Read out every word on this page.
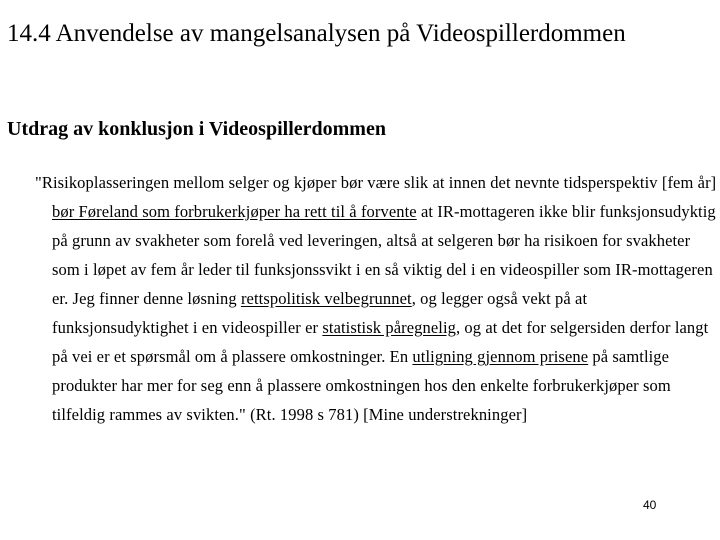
14.4 Anvendelse av mangelsanalysen på Videospillerdommen
Utdrag av konklusjon i Videospillerdommen

"Risikoplasseringen mellom selger og kjøper bør være slik at innen det nevnte tidsperspektiv [fem år] bør Føreland som forbrukerkjøper ha rett til å forvente at IR-mottageren ikke blir funksjonsudyktig på grunn av svakheter som forelå ved leveringen, altså at selgeren bør ha risikoen for svakheter som i løpet av fem år leder til funksjonssvikt i en så viktig del i en videospiller som IR-mottageren er. Jeg finner denne løsning rettspolitisk velbegrunnet, og legger også vekt på at funksjonsudyktighet i en videospiller er statistisk påregnelig, og at det for selgersiden derfor langt på vei er et spørsmål om å plassere omkostninger. En utligning gjennom prisene på samtlige produkter har mer for seg enn å plassere omkostningen hos den enkelte forbrukerkjøper som tilfeldig rammes av svikten." (Rt. 1998 s 781) [Mine understrekninger]

40
